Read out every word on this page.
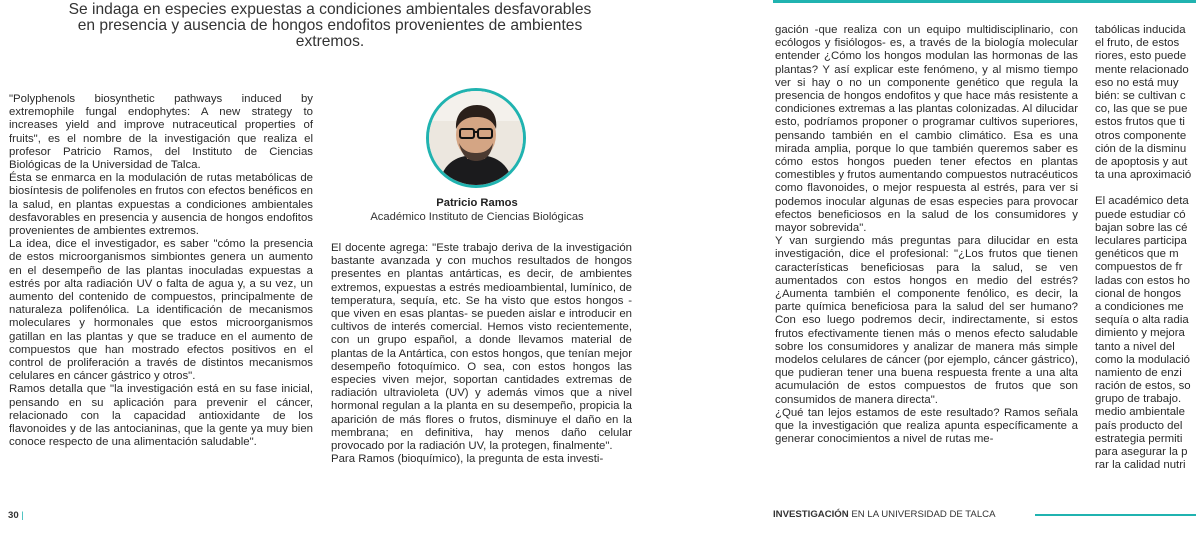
Se indaga en especies expuestas a condiciones ambientales desfavorables en presencia y ausencia de hongos endofitos provenientes de ambientes extremos.

"Polyphenols biosynthetic pathways induced by extremophile fungal endophytes: A new strategy to increases yield and improve nutraceutical properties of fruits", es el nombre de la investigación que realiza el profesor Patricio Ramos, del Instituto de Ciencias Biológicas de la Universidad de Talca.

Ésta se enmarca en la modulación de rutas metabólicas de biosíntesis de polifenoles en frutos con efectos benéficos en la salud, en plantas expuestas a condiciones ambientales desfavorables en presencia y ausencia de hongos endofitos provenientes de ambientes extremos.

La idea, dice el investigador, es saber "cómo la presencia de estos microorganismos simbiontes genera un aumento en el desempeño de las plantas inoculadas expuestas a estrés por alta radiación UV o falta de agua y, a su vez, un aumento del contenido de compuestos, principalmente de naturaleza polifenólica. La identificación de mecanismos moleculares y hormonales que estos microorganismos gatillan en las plantas y que se traduce en el aumento de compuestos que han mostrado efectos positivos en el control de proliferación a través de distintos mecanismos celulares en cáncer gástrico y otros".

Ramos detalla que "la investigación está en su fase inicial, pensando en su aplicación para prevenir el cáncer, relacionado con la capacidad antioxidante de los flavonoides y de las antocianinas, que la gente ya muy bien conoce respecto de una alimentación saludable".

Patricio Ramos
Académico Instituto de Ciencias Biológicas

El docente agrega: "Este trabajo deriva de la investigación bastante avanzada y con muchos resultados de hongos presentes en plantas antárticas, es decir, de ambientes extremos, expuestas a estrés medioambiental, lumínico, de temperatura, sequía, etc. Se ha visto que estos hongos -que viven en esas plantas- se pueden aislar e introducir en cultivos de interés comercial. Hemos visto recientemente, con un grupo español, a donde llevamos material de plantas de la Antártica, con estos hongos, que tenían mejor desempeño fotoquímico. O sea, con estos hongos las especies viven mejor, soportan cantidades extremas de radiación ultravioleta (UV) y además vimos que a nivel hormonal regulan a la planta en su desempeño, propicia la aparición de más flores o frutos, disminuye el daño en la membrana; en definitiva, hay menos daño celular provocado por la radiación UV, la protegen, finalmente".

Para Ramos (bioquímico), la pregunta de esta investi-

gación -que realiza con un equipo multidisciplinario, con ecólogos y fisiólogos- es, a través de la biología molecular entender ¿Cómo los hongos modulan las hormonas de las plantas? Y así explicar este fenómeno, y al mismo tiempo ver si hay o no un componente genético que regula la presencia de hongos endofitos y que hace más resistente a condiciones extremas a las plantas colonizadas. Al dilucidar esto, podríamos proponer o programar cultivos superiores, pensando también en el cambio climático. Esa es una mirada amplia, porque lo que también queremos saber es cómo estos hongos pueden tener efectos en plantas comestibles y frutos aumentando compuestos nutracéuticos como flavonoides, o mejor respuesta al estrés, para ver si podemos inocular algunas de esas especies para provocar efectos beneficiosos en la salud de los consumidores y mayor sobrevida".

Y van surgiendo más preguntas para dilucidar en esta investigación, dice el profesional: "¿Los frutos que tienen características beneficiosas para la salud, se ven aumentados con estos hongos en medio del estrés? ¿Aumenta también el componente fenólico, es decir, la parte química beneficiosa para la salud del ser humano? Con eso luego podremos decir, indirectamente, si estos frutos efectivamente tienen más o menos efecto saludable sobre los consumidores y analizar de manera más simple modelos celulares de cáncer (por ejemplo, cáncer gástrico), que pudieran tener una buena respuesta frente a una alta acumulación de estos compuestos de frutos que son consumidos de manera directa".

¿Qué tan lejos estamos de este resultado? Ramos señala que la investigación que realiza apunta específicamente a generar conocimientos a nivel de rutas me-

tabólicas inducida
el fruto, de estos
riores, esto puede
mente relacionado
eso no está muy
bién: se cultivan c
co, las que se pue
estos frutos que ti
otros componente
ción de la disminu
de apoptosis y aut
ta una aproximació
El académico deta
puede estudiar có
bajan sobre las cé
leculares participa
genéticos que m
compuestos de fr
ladas con estos ho
cional de hongos
a condiciones me
sequía o alta radia
dimiento y mejora
tanto a nivel del
como la modulació
namiento de enzi
ración de estos, so
grupo de trabajo.
medio ambientale
país producto del
estrategia permiti
para asegurar la p
rar la calidad nutri
30 |	INVESTIGACIÓN EN LA UNIVERSIDAD DE TALCA
